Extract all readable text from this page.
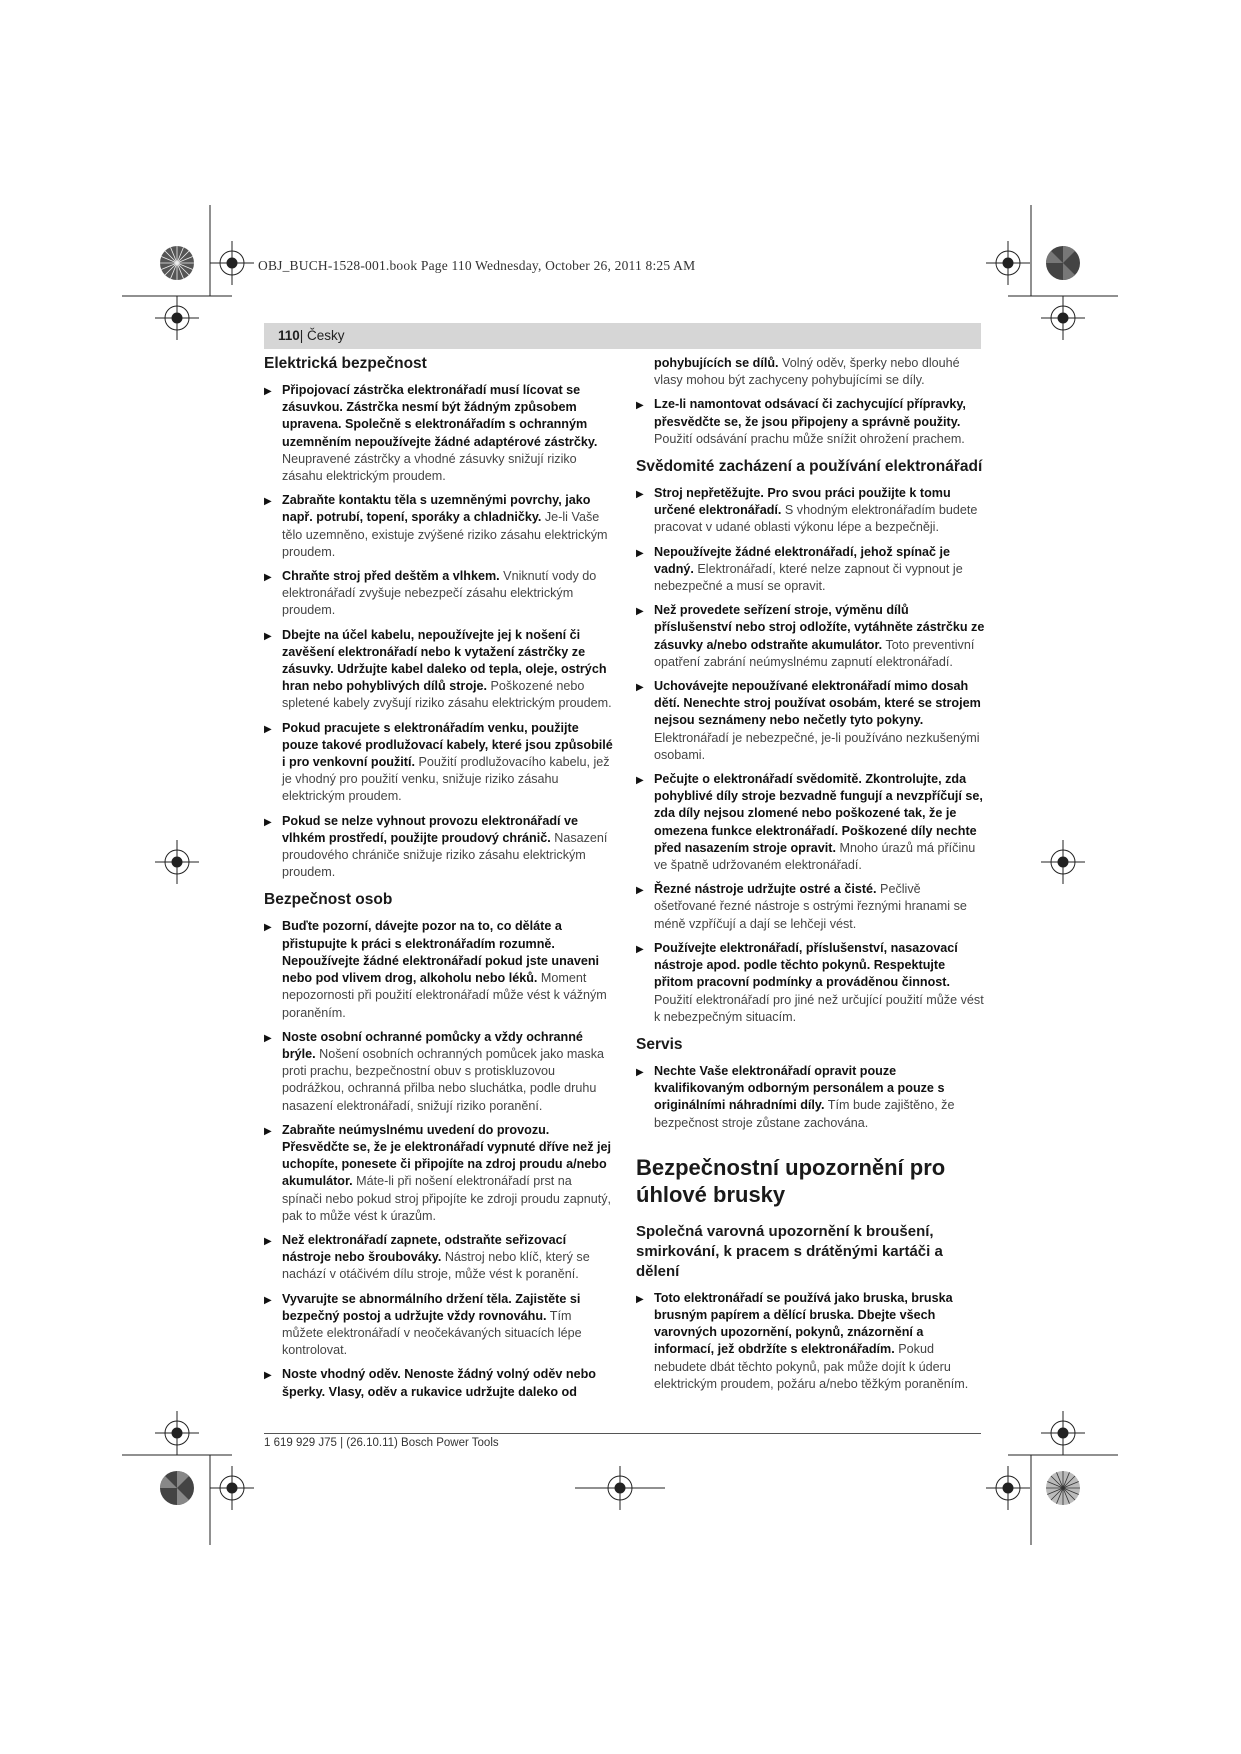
OBJ_BUCH-1528-001.book Page 110 Wednesday, October 26, 2011 8:25 AM
110| Česky
Elektrická bezpečnost
▶ Připojovací zástrčka elektronářadí musí lícovat se zásuvkou. Zástrčka nesmí být žádným způsobem upravena. Společně s elektronářadím s ochranným uzemněním nepoužívejte žádné adaptérové zástrčky. Neupravené zástrčky a vhodné zásuvky snižují riziko zásahu elektrickým proudem.
▶ Zabraňte kontaktu těla s uzemněnými povrchy, jako např. potrubí, topení, sporáky a chladničky. Je-li Vaše tělo uzemněno, existuje zvýšené riziko zásahu elektrickým proudem.
▶ Chraňte stroj před deštěm a vlhkem. Vniknutí vody do elektronářadí zvyšuje nebezpečí zásahu elektrickým proudem.
▶ Dbejte na účel kabelu, nepoužívejte jej k nošení či zavěšení elektronářadí nebo k vytažení zástrčky ze zásuvky. Udržujte kabel daleko od tepla, oleje, ostrých hran nebo pohyblivých dílů stroje. Poškozené nebo spletené kabely zvyšují riziko zásahu elektrickým proudem.
▶ Pokud pracujete s elektronářadím venku, použijte pouze takové prodlužovací kabely, které jsou způsobilé i pro venkovní použití. Použití prodlužovacího kabelu, jež je vhodný pro použití venku, snižuje riziko zásahu elektrickým proudem.
▶ Pokud se nelze vyhnout provozu elektronářadí ve vlhkém prostředí, použijte proudový chránič. Nasazení proudového chrániče snižuje riziko zásahu elektrickým proudem.
Bezpečnost osob
▶ Buďte pozorní, dávejte pozor na to, co děláte a přistupujte k práci s elektronářadím rozumně. Nepoužívejte žádné elektronářadí pokud jste unaveni nebo pod vlivem drog, alkoholu nebo léků. Moment nepozornosti při použití elektronářadí může vést k vážným poraněním.
▶ Noste osobní ochranné pomůcky a vždy ochranné brýle. Nošení osobních ochranných pomůcek jako maska proti prachu, bezpečnostní obuv s protiskluzovou podrážkou, ochranná přilba nebo sluchátka, podle druhu nasazení elektronářadí, snižují riziko poranění.
▶ Zabraňte neúmyslnému uvedení do provozu. Přesvědčte se, že je elektronářadí vypnuté dříve než jej uchopíte, ponesete či připojíte na zdroj proudu a/nebo akumulátor. Máte-li při nošení elektronářadí prst na spínači nebo pokud stroj připojíte ke zdroji proudu zapnutý, pak to může vést k úrazům.
▶ Než elektronářadí zapnete, odstraňte seřizovací nástroje nebo šroubováky. Nástroj nebo klíč, který se nachází v otáčivém dílu stroje, může vést k poranění.
▶ Vyvarujte se abnormálního držení těla. Zajistěte si bezpečný postoj a udržujte vždy rovnováhu. Tím můžete elektronářadí v neočekávaných situacích lépe kontrolovat.
▶ Noste vhodný oděv. Nenoste žádný volný oděv nebo šperky. Vlasy, oděv a rukavice udržujte daleko od
pohybujících se dílů. Volný oděv, šperky nebo dlouhé vlasy mohou být zachyceny pohybujícími se díly.
▶ Lze-li namontovat odsávací či zachycující přípravky, přesvědčte se, že jsou připojeny a správně použity. Použití odsávání prachu může snížit ohrožení prachem.
Svědomité zacházení a používání elektronářadí
▶ Stroj nepřetěžujte. Pro svou práci použijte k tomu určené elektronářadí. S vhodným elektronářadím budete pracovat v udané oblasti výkonu lépe a bezpečněji.
▶ Nepoužívejte žádné elektronářadí, jehož spínač je vadný. Elektronářadí, které nelze zapnout či vypnout je nebezpečné a musí se opravit.
▶ Než provedete seřízení stroje, výměnu dílů příslušenství nebo stroj odložíte, vytáhněte zástrčku ze zásuvky a/nebo odstraňte akumulátor. Toto preventivní opatření zabrání neúmyslnému zapnutí elektronářadí.
▶ Uchovávejte nepoužívané elektronářadí mimo dosah dětí. Nenechte stroj používat osobám, které se strojem nejsou seznámeny nebo nečetly tyto pokyny. Elektronářadí je nebezpečné, je-li používáno nezkušenými osobami.
▶ Pečujte o elektronářadí svědomitě. Zkontrolujte, zda pohyblivé díly stroje bezvadně fungují a nevzpříčují se, zda díly nejsou zlomené nebo poškozené tak, že je omezena funkce elektronářadí. Poškozené díly nechte před nasazením stroje opravit. Mnoho úrazů má příčinu ve špatně udržovaném elektronářadí.
▶ Řezné nástroje udržujte ostré a čisté. Pečlivě ošetřované řezné nástroje s ostrými řeznými hranami se méně vzpříčují a dají se lehčeji vést.
▶ Používejte elektronářadí, příslušenství, nasazovací nástroje apod. podle těchto pokynů. Respektujte přitom pracovní podmínky a prováděnou činnost. Použití elektronářadí pro jiné než určující použití může vést k nebezpečným situacím.
Servis
▶ Nechte Vaše elektronářadí opravit pouze kvalifikovaným odborným personálem a pouze s originálními náhradními díly. Tím bude zajištěno, že bezpečnost stroje zůstane zachována.
Bezpečnostní upozornění pro úhlové brusky
Společná varovná upozornění k broušení, smirkování, k pracem s drátěnými kartáči a dělení
▶ Toto elektronářadí se používá jako bruska, bruska brusným papírem a dělící bruska. Dbejte všech varovných upozornění, pokynů, znázornění a informací, jež obdržíte s elektronářadím. Pokud nebudete dbát těchto pokynů, pak může dojít k úderu elektrickým proudem, požáru a/nebo těžkým poraněním.
1 619 929 J75 | (26.10.11) Bosch Power Tools
